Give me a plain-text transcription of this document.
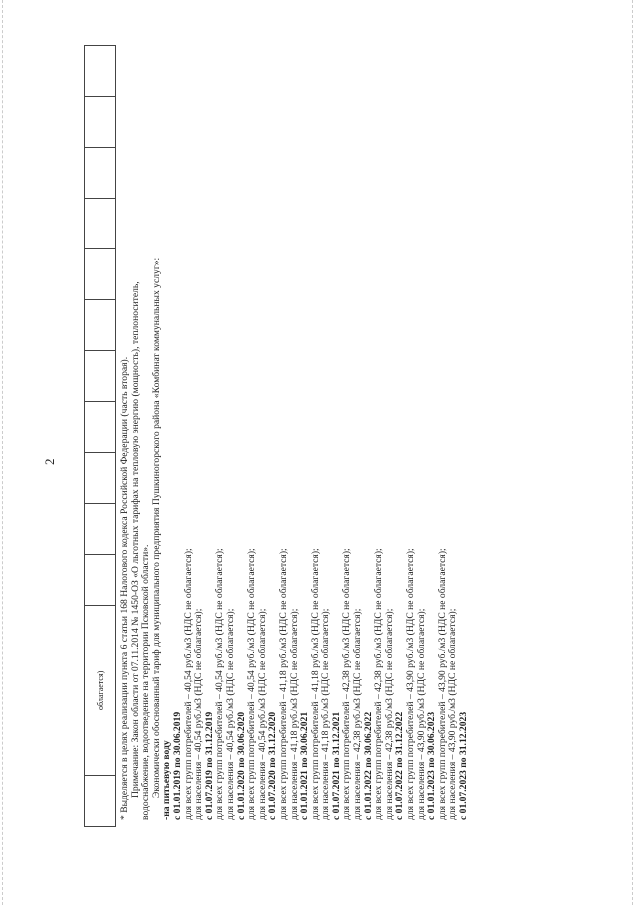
2
облагается)	* Выделяется в целях реализации пункта 6 статьи 168 Налогового кодекса Российской Федерации (часть вторая). Примечание: Закон области от 07.11.2014 № 1450-ОЗ «О льготных тарифах на тепловую энергию (мощность), теплоноситель, водоснабжение, водоотведение на территории Псковской области». Экономически обоснованный тариф для муниципального предприятия Пушкиногорского района «Комбинат коммунальных услуг»: -на питьевую воду с 01.01.2019 по 30.06.2019 для всех групп потребителей – 40,54 руб./м3 (НДС не облагается); для населения – 40,54 руб./м3 (НДС не облагается); с 01.07.2019 по 31.12.2019 для всех групп потребителей – 40,54 руб./м3 (НДС не облагается); для населения – 40,54 руб./м3 (НДС не облагается); с 01.01.2020 по 30.06.2020 для всех групп потребителей – 40,54 руб./м3 (НДС не облагается); для населения – 40,54 руб./м3 (НДС не облагается); с 01.07.2020 по 31.12.2020 для всех групп потребителей – 41,18 руб./м3 (НДС не облагается); для населения – 41,18 руб./м3 (НДС не облагается); с 01.01.2021 по 30.06.2021 для всех групп потребителей – 41,18 руб./м3 (НДС не облагается); для населения – 41,18 руб./м3 (НДС не облагается); с 01.07.2021 по 31.12.2021 для всех групп потребителей – 42,38 руб./м3 (НДС не облагается); для населения – 42,38 руб./м3 (НДС не облагается); с 01.01.2022 по 30.06.2022 для всех групп потребителей – 42,38 руб./м3 (НДС не облагается); для населения – 42,38 руб./м3 (НДС не облагается); с 01.07.2022 по 31.12.2022 для всех групп потребителей – 43,90 руб./м3 (НДС не облагается); для населения – 43,90 руб./м3 (НДС не облагается); с 01.01.2023 по 30.06.2023 для всех групп потребителей – 43,90 руб./м3 (НДС не облагается); для населения – 43,90 руб./м3 (НДС не облагается); с 01.07.2023 по 31.12.2023
